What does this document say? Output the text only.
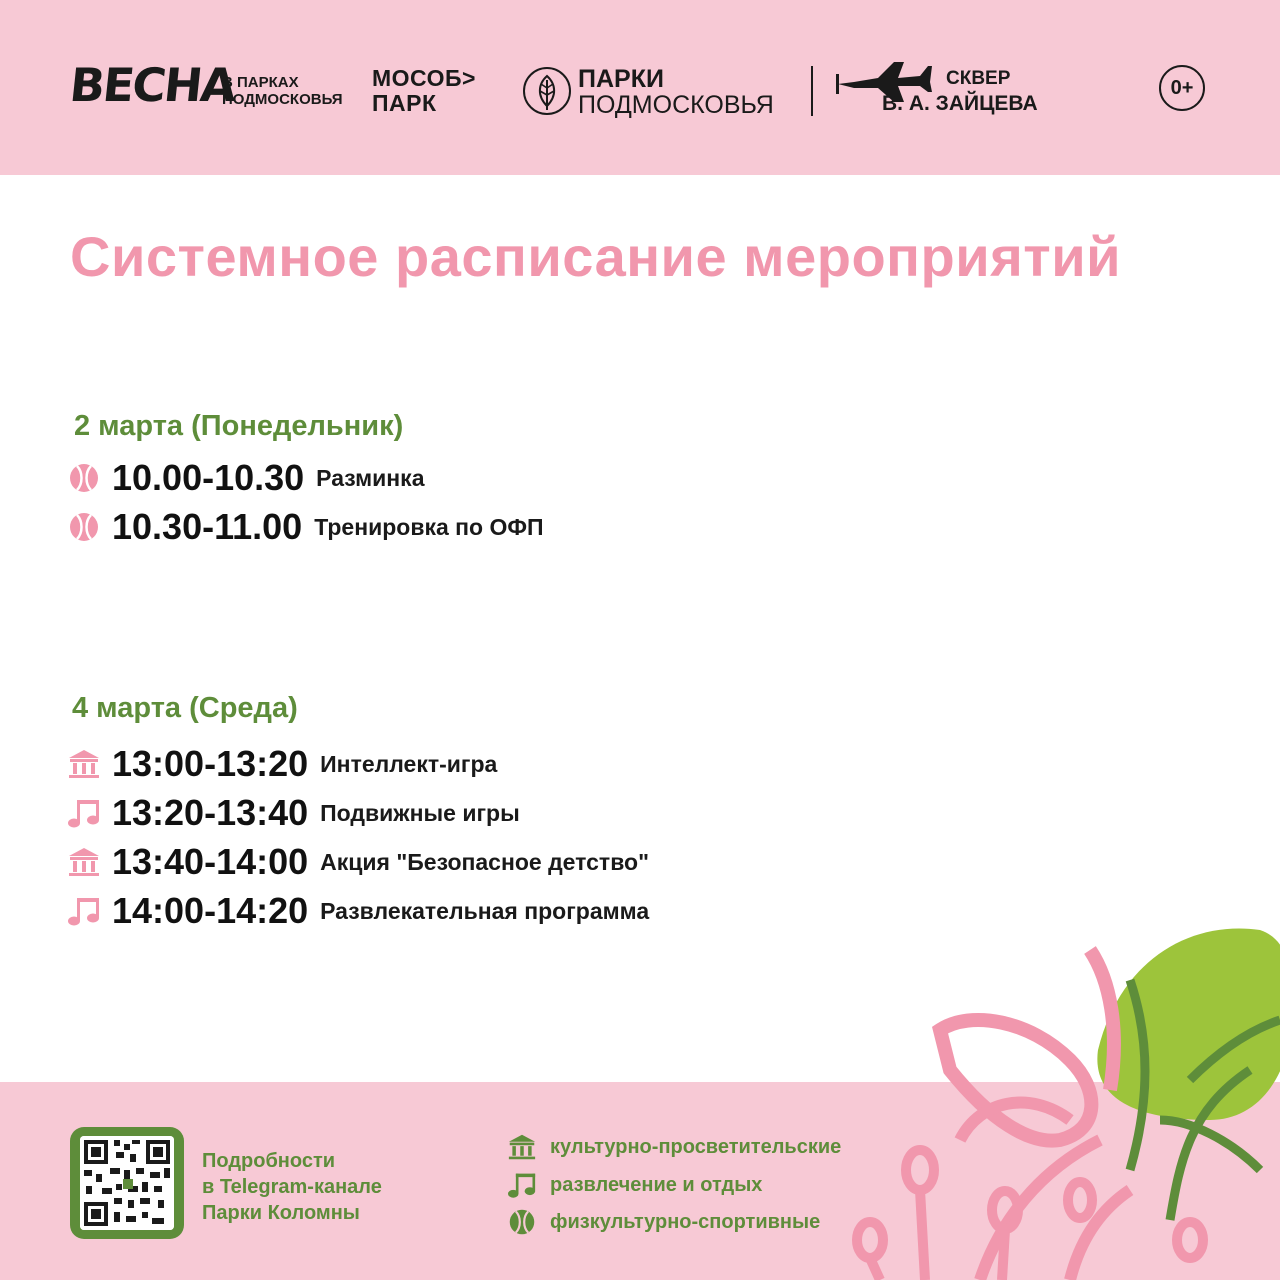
ВЕСНА
В ПАРКАХ
ПОДМОСКОВЬЯ
МОСОБ>
ПАРК
ПАРКИ
ПОДМОСКОВЬЯ
СКВЕР
В. А. ЗАЙЦЕВА
0+
Системное расписание мероприятий
2 марта (Понедельник)
10.00-10.30 Разминка
10.30-11.00 Тренировка по ОФП
4 марта (Среда)
13:00-13:20 Интеллект-игра
13:20-13:40 Подвижные игры
13:40-14:00 Акция "Безопасное детство"
14:00-14:20 Развлекательная программа
Подробности
в Telegram-канале
Парки Коломны
культурно-просветительские
развлечение и отдых
физкультурно-спортивные
